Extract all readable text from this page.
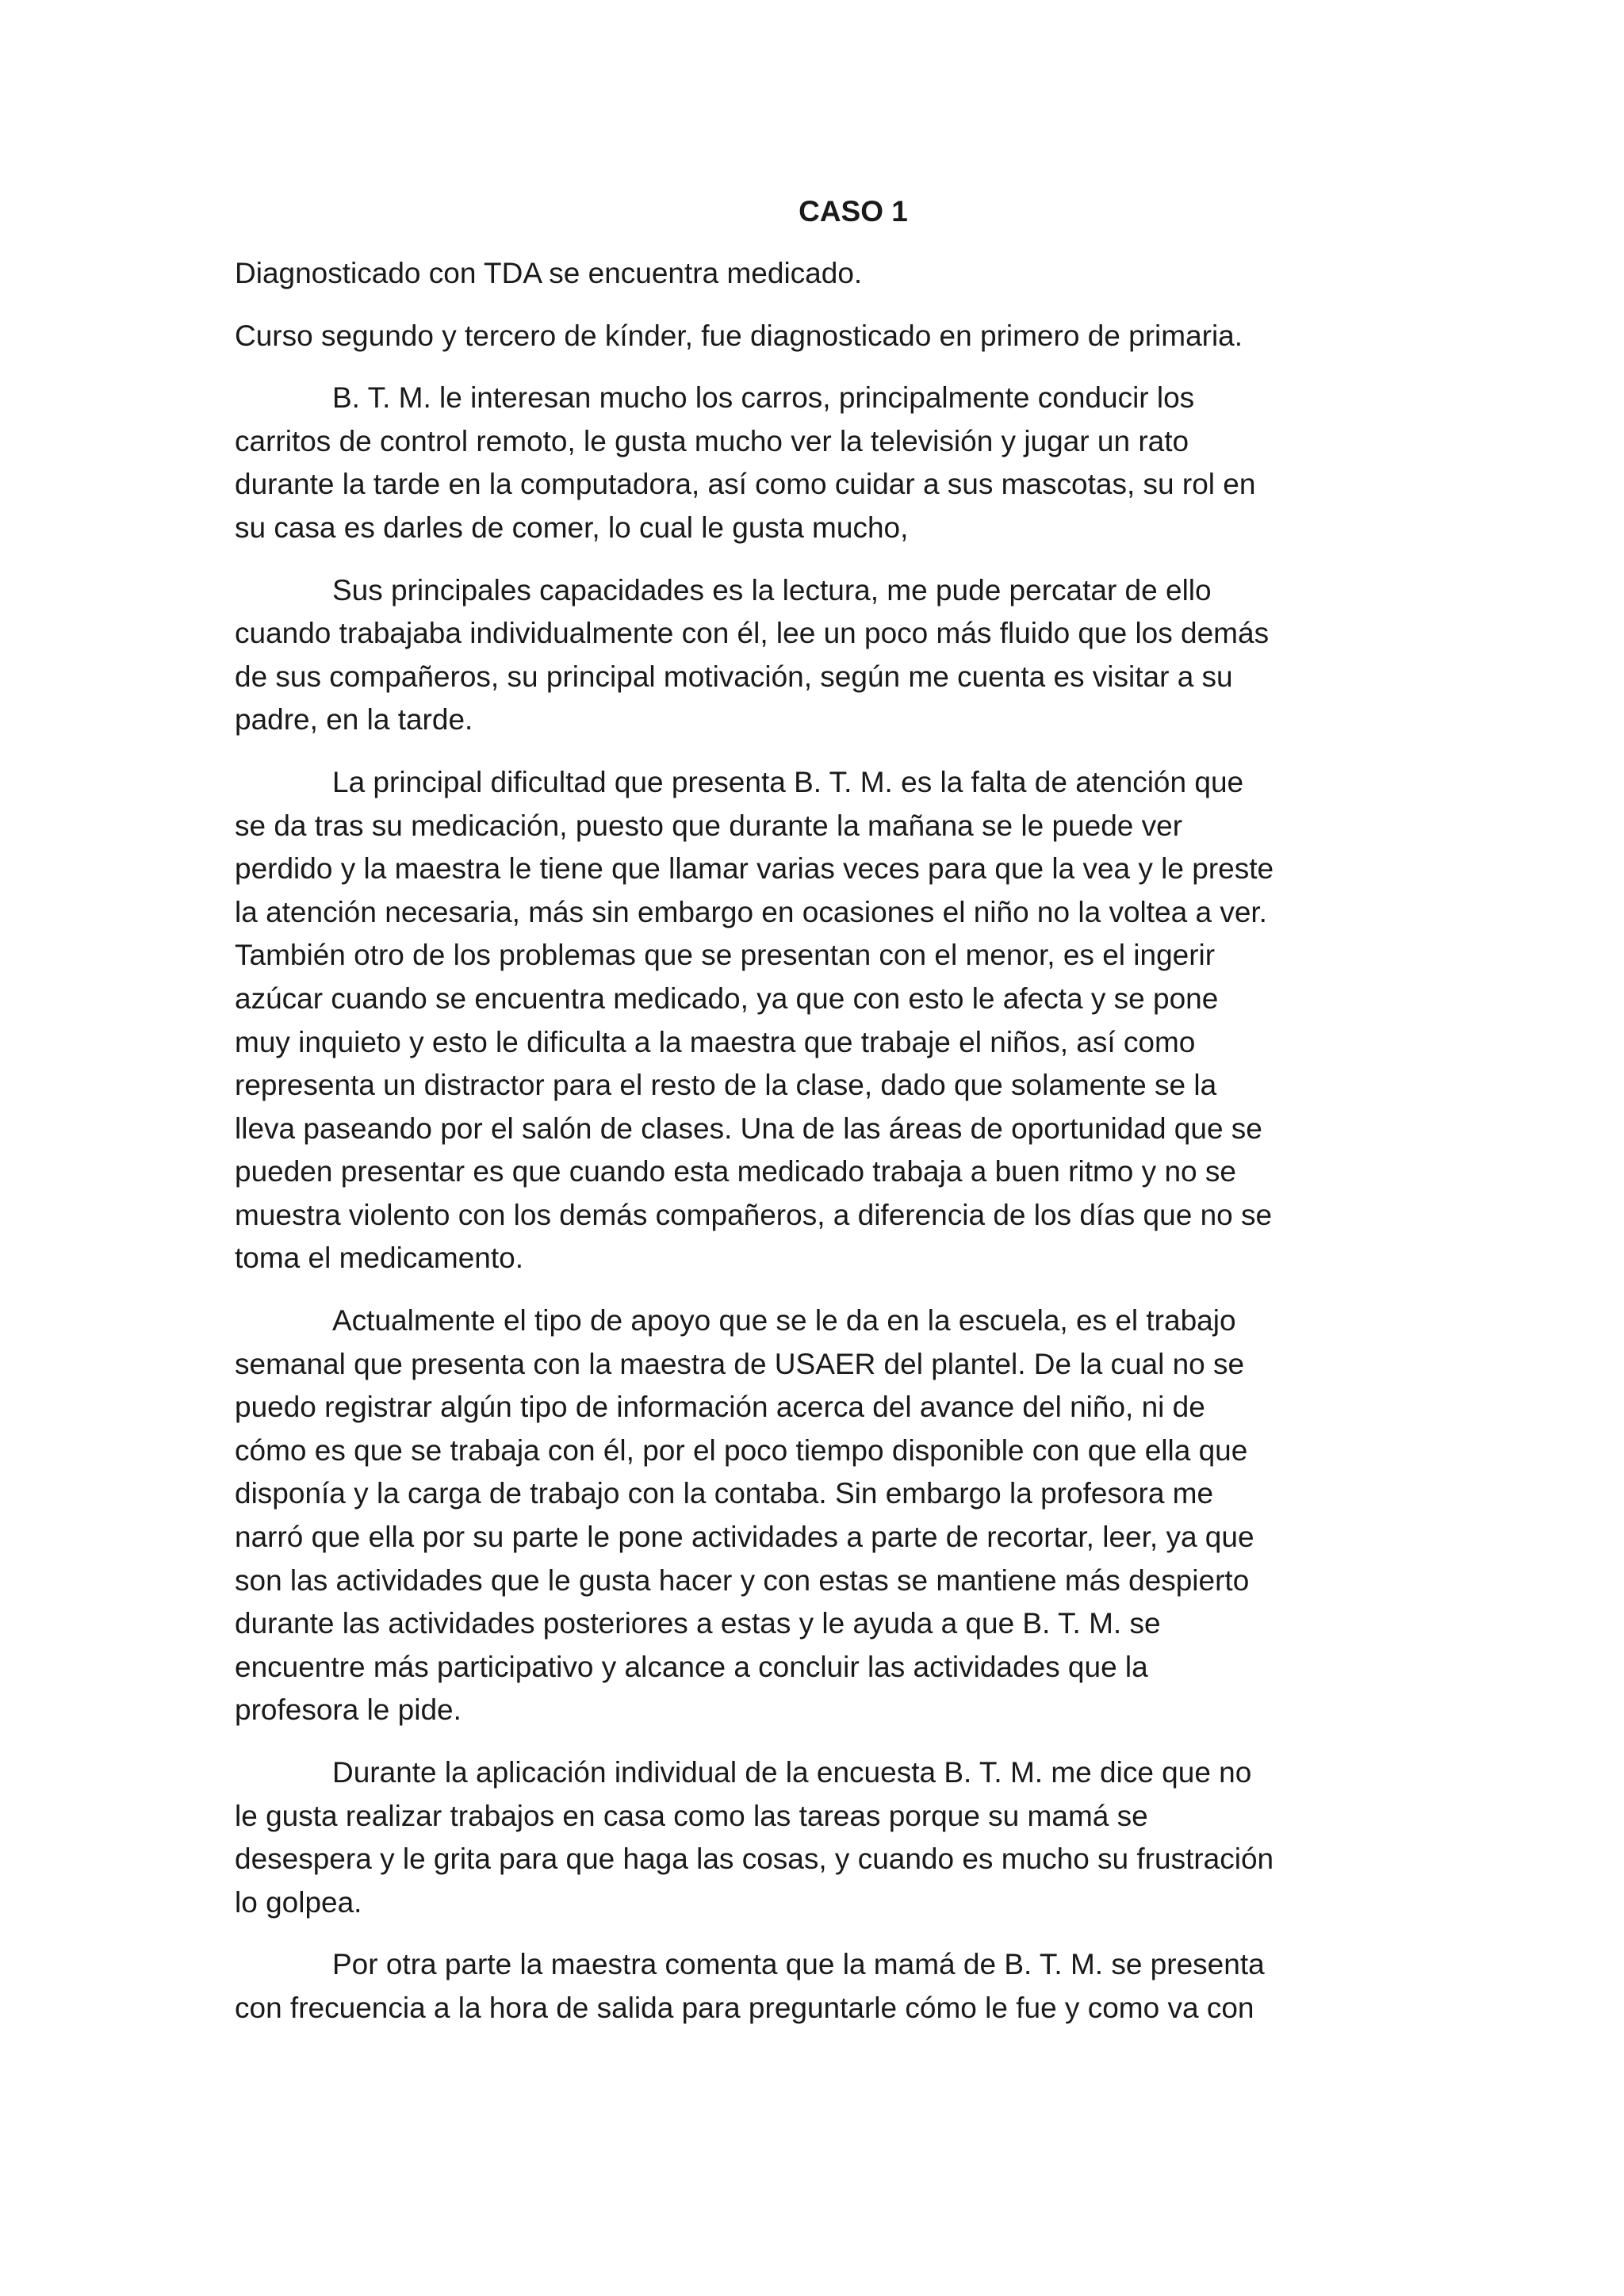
CASO 1

Diagnosticado con TDA se encuentra medicado.

Curso segundo y tercero de kínder, fue diagnosticado en primero de primaria.

B. T. M. le interesan mucho los carros, principalmente conducir los
carritos de control remoto, le gusta mucho ver la televisión y jugar un rato
durante la tarde en la computadora, así como cuidar a sus mascotas, su rol en
su casa es darles de comer, lo cual le gusta mucho,

Sus principales capacidades es la lectura, me pude percatar de ello
cuando trabajaba individualmente con él, lee un poco más fluido que los demás
de sus compañeros, su principal motivación, según me cuenta es visitar a su
padre, en la tarde.

La principal dificultad que presenta B. T. M. es la falta de atención que
se da tras su medicación, puesto que durante la mañana se le puede ver
perdido y la maestra le tiene que llamar varias veces para que la vea y le preste
la atención necesaria, más sin embargo en ocasiones el niño no la voltea a ver.
También otro de los problemas que se presentan con el menor, es el ingerir
azúcar cuando se encuentra medicado, ya que con esto le afecta y se pone
muy inquieto y esto le dificulta a la maestra que trabaje el niños, así como
representa un distractor para el resto de la clase, dado que solamente se la
lleva paseando por el salón de clases. Una de las áreas de oportunidad que se
pueden presentar es que cuando esta medicado trabaja a buen ritmo y no se
muestra violento con los demás compañeros, a diferencia de los días que no se
toma el medicamento.

Actualmente el tipo de apoyo que se le da en la escuela, es el trabajo
semanal que presenta con la maestra de USAER del plantel. De la cual no se
puedo registrar algún tipo de información acerca del avance del niño, ni de
cómo es que se trabaja con él, por el poco tiempo disponible con que ella que
disponía y la carga de trabajo con la contaba. Sin embargo la profesora me
narró que ella por su parte le pone actividades a parte de recortar, leer, ya que
son las actividades que le gusta hacer y con estas se mantiene más despierto
durante las actividades posteriores a estas y le ayuda a que B. T. M. se
encuentre más participativo y alcance a concluir las actividades que la
profesora le pide.

Durante la aplicación individual de la encuesta B. T. M. me dice que no
le gusta realizar trabajos en casa como las tareas porque su mamá se
desespera y le grita para que haga las cosas, y cuando es mucho su frustración
lo golpea.

Por otra parte la maestra comenta que la mamá de B. T. M. se presenta
con frecuencia a la hora de salida para preguntarle cómo le fue y como va con
